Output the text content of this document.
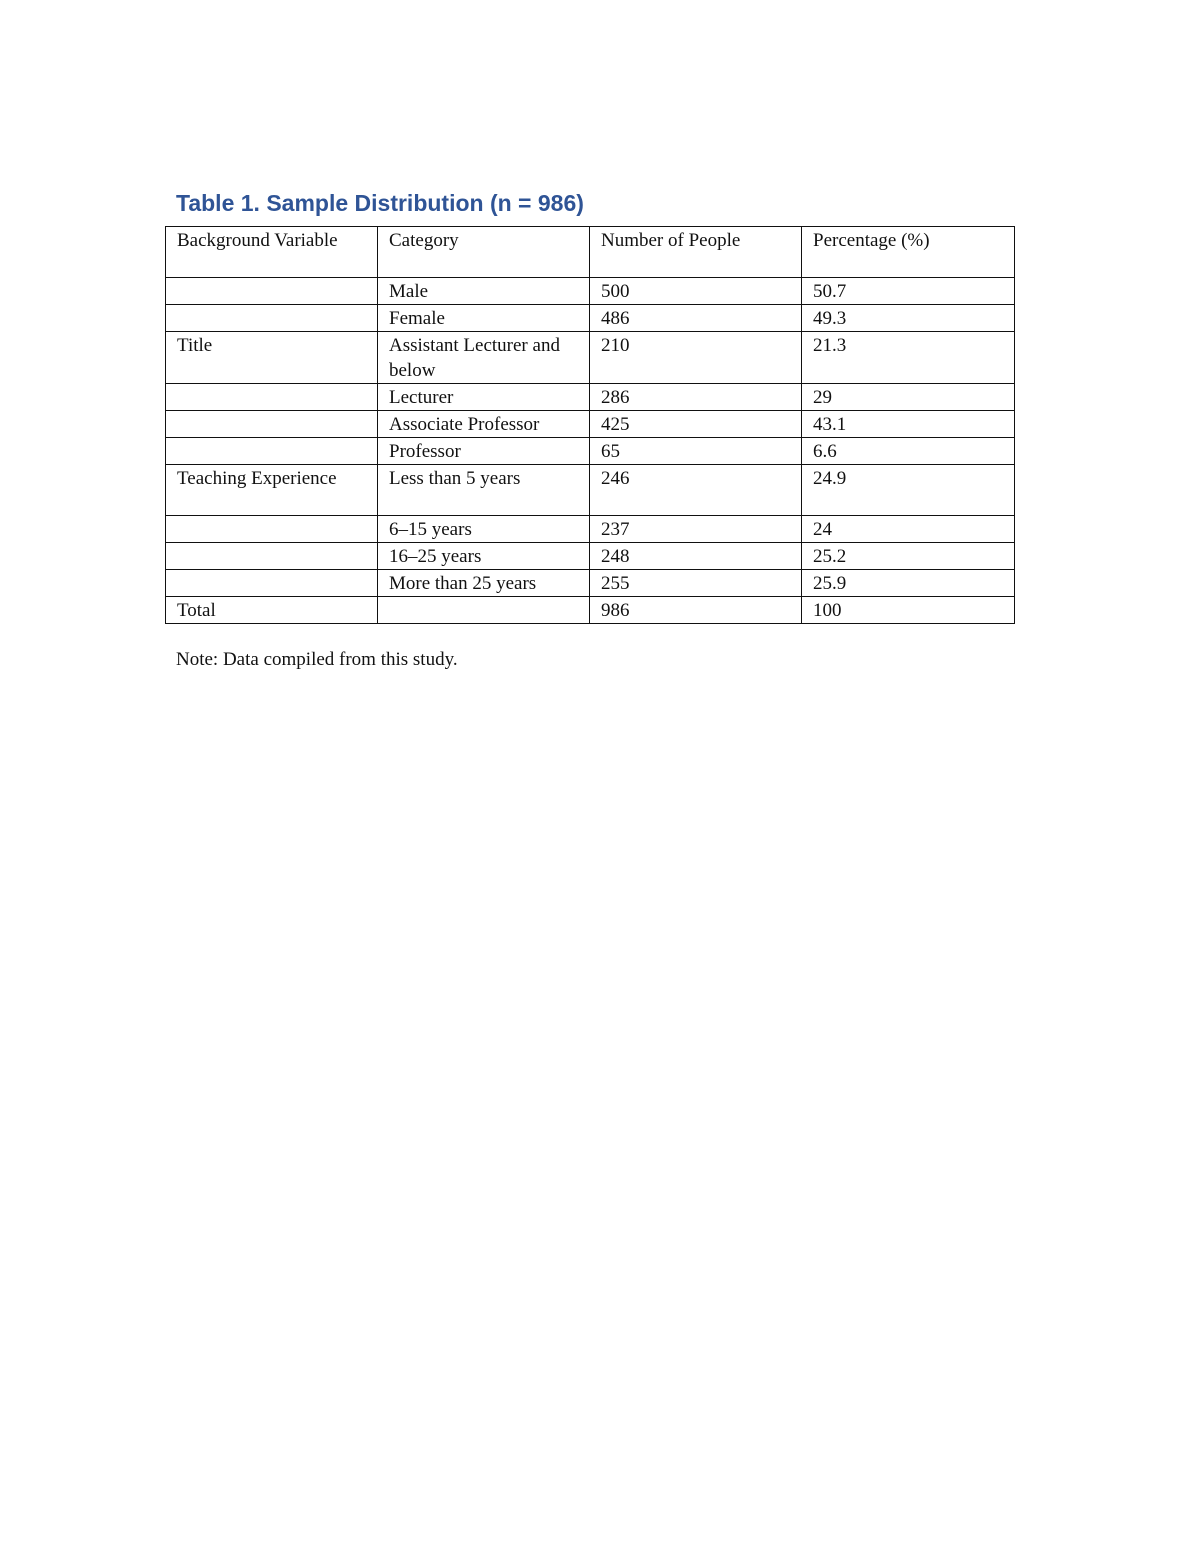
Table 1. Sample Distribution (n = 986)
Background Variable	Category	Number of People	Percentage (%)
	Male	500	50.7
	Female	486	49.3
Title	Assistant Lecturer and below	210	21.3
	Lecturer	286	29
	Associate Professor	425	43.1
	Professor	65	6.6
Teaching Experience	Less than 5 years	246	24.9
	6–15 years	237	24
	16–25 years	248	25.2
	More than 25 years	255	25.9
Total		986	100

Note: Data compiled from this study.
